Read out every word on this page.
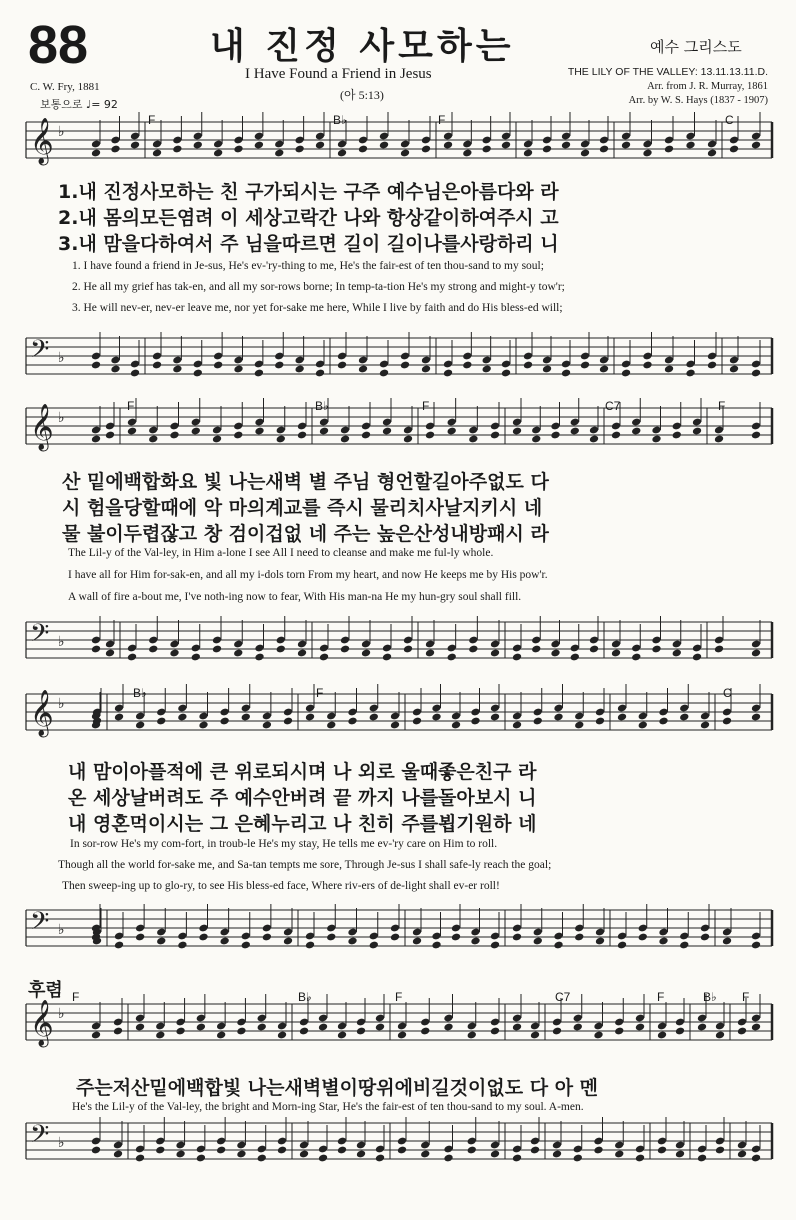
88	내 진정 사모하는	예수 그리스도
I Have Found a Friend in Jesus
(아 5:13)
C. W. Fry, 1881
보통으로 ♩= 92
THE LILY OF THE VALLEY: 13.11.13.11.D.
Arr. from J. R. Murray, 1861
Arr. by W. S. Hays (1837 - 1907)
𝄞 ♭
𝄢 ♭
𝄞 ♭
𝄢 ♭
𝄞 ♭
𝄢 ♭
𝄞 ♭
𝄢 ♭
F	B♭	F	C
1.내 진정사모하는 친 구가되시는 구주 예수님은아름다와 라
2.내 몸의모든염려 이 세상고락간 나와 항상같이하여주시 고
3.내 맘을다하여서 주 님을따르면 길이 길이나를사랑하리 니
1. I have found a friend in Je-sus, He's ev-'ry-thing to me, He's the fair-est of ten thou-sand to my soul;
2. He all my grief has tak-en, and all my sor-rows borne; In temp-ta-tion He's my strong and might-y tow'r;
3. He will nev-er, nev-er leave me, nor yet for-sake me here, While I live by faith and do His bless-ed will;
F	B♭	F	C7	F
산 밑에백합화요 빛 나는새벽 별 주님 형언할길아주없도 다
시 험을당할때에 악 마의계교를 즉시 물리치사날지키시 네
물 불이두렵잖고 창 검이겁없 네 주는 높은산성내방패시 라
The Lil-y of the Val-ley, in Him a-lone I see All I need to cleanse and make me ful-ly whole.
I have all for Him for-sak-en, and all my i-dols torn From my heart, and now He keeps me by His pow'r.
A wall of fire a-bout me, I've noth-ing now to fear, With His man-na He my hun-gry soul shall fill.
B♭	F	C
내 맘이아플적에 큰 위로되시며 나 외로 울때좋은친구 라
온 세상날버려도 주 예수안버려 끝 까지 나를돌아보시 니
내 영혼먹이시는 그 은혜누리고 나 친히 주를뵙기원하 네
In sor-row He's my com-fort, in troub-le He's my stay, He tells me ev-'ry care on Him to roll.
Though all the world for-sake me, and Sa-tan tempts me sore, Through Je-sus I shall safe-ly reach the goal;
Then sweep-ing up to glo-ry, to see His bless-ed face, Where riv-ers of de-light shall ev-er roll!
후렴 F	B♭	F	C7	F	B♭ F
주는저산밑에백합빛 나는새벽별이땅위에비길것이없도 다 아 멘
He's the Lil-y of the Val-ley, the bright and Morn-ing Star, He's the fair-est of ten thou-sand to my soul. A-men.
